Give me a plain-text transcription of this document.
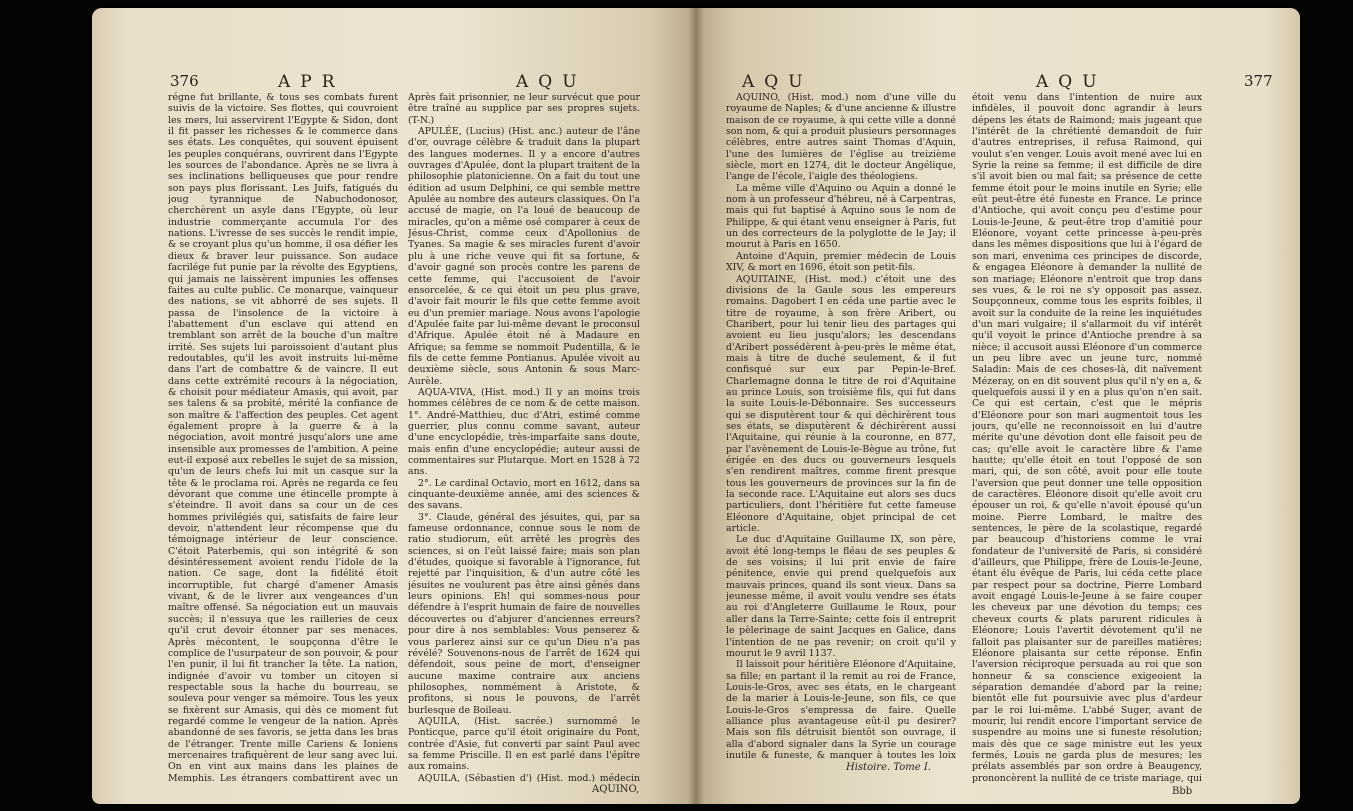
376	APR	AQU

régne fut brillante, & tous ses combats furent suivis de la victoire. Ses flottes, qui couvroient les mers, lui asservirent l'Egypte & Sidon, dont il fit passer les richesses & le commerce dans ses états. Les conquêtes, qui souvent épuisent les peuples conquérans, ouvrirent dans l'Egypte les sources de l'abondance. Après ne se livra à ses inclinations belliqueuses que pour rendre son pays plus florissant. Les Juifs, fatigués du joug tyrannique de Nabuchodonosor, cherchèrent un asyle dans l'Egypte, où leur industrie commerçante accumula l'or des nations. L'ivresse de ses succès le rendit impie, & se croyant plus qu'un homme, il osa défier les dieux & braver leur puissance. Son audace facrilége fut punie par la révolte des Egyptiens, qui jamais ne laissèrent impunies les offenses faites au culte public. Ce monarque, vainqueur des nations, se vit abhorré de ses sujets. Il passa de l'insolence de la victoire à l'abattement d'un esclave qui attend en tremblant son arrêt de la bouche d'un maître irrité. Ses sujets lui paroissoient d'autant plus redoutables, qu'il les avoit instruits lui-même dans l'art de combattre & de vaincre. Il eut dans cette extrémité recours à la négociation, & choisit pour médiateur Amasis, qui avoit, par ses talens & sa probité, mérité la confiance de son maître & l'affection des peuples. Cet agent également propre à la guerre & à la négociation, avoit montré jusqu'alors une ame insensible aux promesses de l'ambition. A peine eut-il exposé aux rebelles le sujet de sa mission, qu'un de leurs chefs lui mit un casque sur la tête & le proclama roi. Après ne regarda ce feu dévorant que comme une étincelle prompte à s'éteindre. Il avoit dans sa cour un de ces hommes privilégiés qui, satisfaits de faire leur devoir, n'attendent leur récompense que du témoignage intérieur de leur conscience. C'étoit Paterbemis, qui son intégrité & son désintéressement avoient rendu l'idole de la nation. Ce sage, dont la fidélité étoit incorruptible, fut chargé d'amener Amasis vivant, & de le livrer aux vengeances d'un maître offensé. Sa négociation eut un mauvais succès; il n'essuya que les railleries de ceux qu'il crut devoir étonner par ses menaces. Après mécontent, le soupçonna d'être le complice de l'usurpateur de son pouvoir, & pour l'en punir, il lui fit trancher la tête. La nation, indignée d'avoir vu tomber un citoyen si respectable sous la hache du bourreau, se souleva pour venger sa mémoire. Tous les yeux se fixèrent sur Amasis, qui dès ce moment fut regardé comme le vengeur de la nation. Après abandonné de ses favoris, se jetta dans les bras de l'étranger. Trente mille Cariens & Ioniens mercenaires trafiquèrent de leur sang avec lui. On en vint aux mains dans les plaines de Memphis. Les étrangers combattirent avec un

Après fait prisonnier, ne leur survécut que pour être traîné au supplice par ses propres sujets. (T-N.)

APULÉE, (Lucius) (Hist. anc.) auteur de l'âne d'or, ouvrage célèbre & traduit dans la plupart des langues modernes. Il y a encore d'autres ouvrages d'Apulée, dont la plupart traitent de la philosophie platonicienne. On a fait du tout une édition ad usum Delphini, ce qui semble mettre Apulée au nombre des auteurs classiques. On l'a accusé de magie, on l'a loué de beaucoup de miracles, qu'on a même osé comparer à ceux de Jésus-Christ, comme ceux d'Apollonius de Tyanes. Sa magie & ses miracles furent d'avoir plu à une riche veuve qui fit sa fortune, & d'avoir gagné son procès contre les parens de cette femme, qui l'accusoient de l'avoir ensorcelée, & ce qui étoit un peu plus grave, d'avoir fait mourir le fils que cette femme avoit eu d'un premier mariage. Nous avons l'apologie d'Apulée faite par lui-même devant le proconsul d'Afrique. Apulée étoit né à Madaure en Afrique; sa femme se nommoit Pudentilla, & le fils de cette femme Pontianus. Apulée vivoit au deuxième siècle, sous Antonin & sous Marc-Aurèle.

AQUA-VIVA, (Hist. mod.) Il y an moins trois hommes célèbres de ce nom & de cette maison. 1°. André-Matthieu, duc d'Atri, estimé comme guerrier, plus connu comme savant, auteur d'une encyclopédie, très-imparfaite sans doute, mais enfin d'une encyclopédie; auteur aussi de commentaires sur Plutarque. Mort en 1528 à 72 ans.

2°. Le cardinal Octavio, mort en 1612, dans sa cinquante-deuxième année, ami des sciences & des savans.

3°. Claude, général des jésuites, qui, par sa fameuse ordonnance, connue sous le nom de ratio studiorum, eût arrêté les progrès des sciences, si on l'eût laissé faire; mais son plan d'études, quoique si favorable à l'ignorance, fut rejetté par l'inquisition, & d'un autre côté les jésuites ne voulurent pas être ainsi gênés dans leurs opinions. Eh! qui sommes-nous pour défendre à l'esprit humain de faire de nouvelles découvertes ou d'abjurer d'anciennes erreurs? pour dire à nos semblables: Vous penserez & vous parlerez ainsi sur ce qu'un Dieu n'a pas révélé? Souvenons-nous de l'arrêt de 1624 qui défendoit, sous peine de mort, d'enseigner aucune maxime contraire aux anciens philosophes, nommément à Aristote, & profitons, si nous le pouvons, de l'arrêt burlesque de Boileau.

AQUILA, (Hist. sacrée.) surnommé le Ponticque, parce qu'il étoit originaire du Pont, contrée d'Asie, fut converti par saint Paul avec sa femme Priscille. Il en est parlé dans l'épître aux romains.

AQUILA, (Sébastien d') (Hist. mod.) médecin

AQUINO,
AQU	AQU	377

AQUINO, (Hist. mod.) nom d'une ville du royaume de Naples; & d'une ancienne & illustre maison de ce royaume, à qui cette ville a donné son nom, & qui a produit plusieurs personnages célèbres, entre autres saint Thomas d'Aquin, l'une des lumières de l'église au treizième siècle, mort en 1274, dit le docteur Angélique, l'ange de l'école, l'aigle des théologiens.

La même ville d'Aquino ou Aquin a donné le nom à un professeur d'hébreu, né à Carpentras, mais qui fut baptisé à Aquino sous le nom de Philippe, & qui étant venu enseigner à Paris, fut un des correcteurs de la polyglotte de le Jay; il mourut à Paris en 1650.

Antoine d'Aquin, premier médecin de Louis XIV, & mort en 1696, étoit son petit-fils.

AQUITAINE, (Hist. mod.) c'étoit une des divisions de la Gaule sous les empereurs romains. Dagobert I en céda une partie avec le titre de royaume, à son frère Aribert, ou Charibert, pour lui tenir lieu des partages qui avoient eu lieu jusqu'alors; les descendans d'Aribert possédèrent à-peu-près le même état, mais à titre de duché seulement, & il fut confisqué sur eux par Pepin-le-Bref. Charlemagne donna le titre de roi d'Aquitaine au prince Louis, son troisième fils, qui fut dans la suite Louis-le-Débonnaire. Ses successeurs qui se disputèrent tour & qui déchirèrent tous ses états, se disputèrent & déchirèrent aussi l'Aquitaine, qui réunie à la couronne, en 877, par l'avènement de Louis-le-Bègue au trône, fut érigée en des ducs ou gouverneurs lesquels s'en rendirent maîtres, comme firent presque tous les gouverneurs de provinces sur la fin de la seconde race. L'Aquitaine eut alors ses ducs particuliers, dont l'héritière fut cette fameuse Eléonore d'Aquitaine, objet principal de cet article.

Le duc d'Aquitaine Guillaume IX, son père, avoit été long-temps le fléau de ses peuples & de ses voisins; il lui prit envie de faire pénitence, envie qui prend quelquefois aux mauvais princes, quand ils sont vieux. Dans sa jeunesse même, il avoit voulu vendre ses états au roi d'Angleterre Guillaume le Roux, pour aller dans la Terre-Sainte; cette fois il entreprit le pèlerinage de saint Jacques en Galice, dans l'intention de ne pas revenir; on croit qu'il y mourut le 9 avril 1137.

Il laissoit pour héritière Eléonore d'Aquitaine, sa fille; en partant il la remit au roi de France, Louis-le-Gros, avec ses états, en le chargeant de la marier à Louis-le-Jeune, son fils, ce que Louis-le-Gros s'empressa de faire. Quelle alliance plus avantageuse eût-il pu desirer? Mais son fils détruisit bientôt son ouvrage, il alla d'abord signaler dans la Syrie un courage inutile & funeste, & manquer à toutes les loix

étoit venu dans l'intention de nuire aux infidèles, il pouvoit donc agrandir à leurs dépens les états de Raimond; mais jugeant que l'intérêt de la chrétienté demandoit de fuir d'autres entreprises, il refusa Raimond, qui voulut s'en venger. Louis avoit mené avec lui en Syrie la reine sa femme; il est difficile de dire s'il avoit bien ou mal fait; sa présence de cette femme étoit pour le moins inutile en Syrie; elle eût peut-être été funeste en France. Le prince d'Antioche, qui avoit conçu peu d'estime pour Louis-le-Jeune, & peut-être trop d'amitié pour Eléonore, voyant cette princesse à-peu-près dans les mêmes dispositions que lui à l'égard de son mari, envenima ces principes de discorde, & engagea Eléonore à demander la nullité de son mariage; Eléonore n'entroit que trop dans ses vues, & le roi ne s'y opposoit pas assez. Soupçonneux, comme tous les esprits foibles, il avoit sur la conduite de la reine les inquiétudes d'un mari vulgaire; il s'allarmoit du vif intérêt qu'il voyoit le prince d'Antioche prendre à sa nièce; il accusoit aussi Eléonore d'un commerce un peu libre avec un jeune turc, nommé Saladin: Mais de ces choses-là, dit naïvement Mézeray, on en dit souvent plus qu'il n'y en a, & quelquefois aussi il y en a plus qu'on n'en sait. Ce qui est certain, c'est que le mépris d'Eléonore pour son mari augmentoit tous les jours, qu'elle ne reconnoissoit en lui d'autre mérite qu'une dévotion dont elle faisoit peu de cas; qu'elle avoit le caractère libre & l'ame hautte; qu'elle étoit en tout l'opposé de son mari, qui, de son côté, avoit pour elle toute l'aversion que peut donner une telle opposition de caractères. Eléonore disoit qu'elle avoit cru épouser un roi, & qu'elle n'avoit épousé qu'un moine. Pierre Lombard, le maître des sentences, le père de la scolastique, regardé par beaucoup d'historiens comme le vrai fondateur de l'université de Paris, si considéré d'ailleurs, que Philippe, frère de Louis-le-Jeune, étant élu évêque de Paris, lui céda cette place par respect pour sa doctrine, Pierre Lombard avoit engagé Louis-le-Jeune à se faire couper les cheveux par une dévotion du temps; ces cheveux courts & plats parurent ridicules à Eléonore; Louis l'avertit dévotement qu'il ne falloit pas plaisanter sur de pareilles matières; Eléonore plaisanta sur cette réponse. Enfin l'aversion réciproque persuada au roi que son honneur & sa conscience exigeoient la séparation demandée d'abord par la reine; bientôt elle fut poursuivie avec plus d'ardeur par le roi lui-même. L'abbé Suger, avant de mourir, lui rendit encore l'important service de suspendre au moins une si funeste résolution; mais dès que ce sage ministre eut les yeux fermés, Louis ne garda plus de mesures; les prélats assemblés par son ordre à Beaugency, prononcèrent la nullité de ce triste mariage, qui

Histoire. Tome I.
Bbb
